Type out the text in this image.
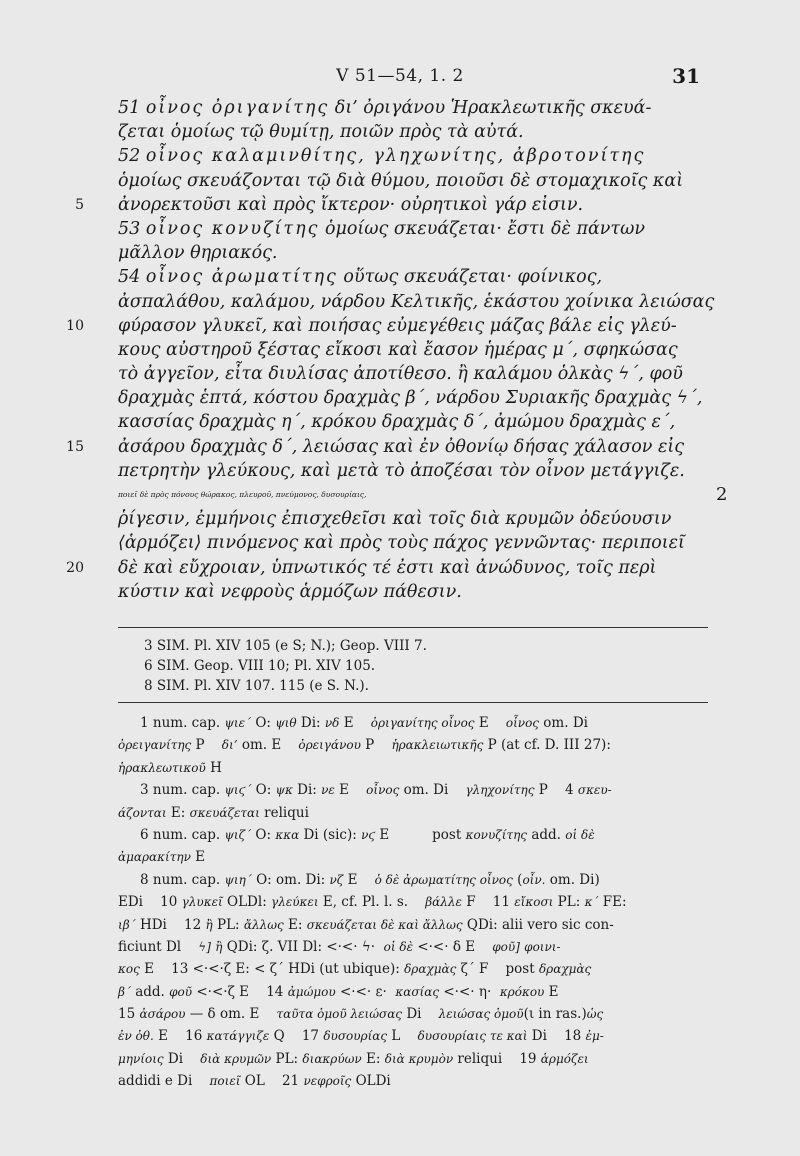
V 51—54, 1. 2	31
51 οἶνος ὀριγανίτης δι’ ὀριγάνου Ἡρακλεωτικῆς σκευά-
ζεται ὁμοίως τῷ θυμίτῃ, ποιῶν πρὸς τὰ αὐτά.
52 οἶνος καλαμινθίτης, γληχωνίτης, ἀβροτονίτης
ὁμοίως σκευάζονται τῷ διὰ θύμου, ποιοῦσι δὲ στομαχικοῖς καὶ
5 ἀνορεκτοῦσι καὶ πρὸς ἴκτερον· οὐρητικοὶ γάρ εἰσιν.
53 οἶνος κονυζίτης ὁμοίως σκευάζεται· ἔστι δὲ πάντων
μᾶλλον θηριακός.
54 οἶνος ἀρωματίτης οὕτως σκευάζεται· φοίνικος,
ἀσπαλάθου, καλάμου, νάρδου Κελτικῆς, ἑκάστου χοίνικα λειώσας
10 φύρασον γλυκεῖ, καὶ ποιήσας εὐμεγέθεις μάζας βάλε εἰς γλεύ-
κους αὐστηροῦ ξέστας εἴκοσι καὶ ἔασον ἡμέρας μ΄, σφηκώσας
τὸ ἀγγεῖον, εἶτα διυλίσας ἀποτίθεσο. ἢ καλάμου ὁλκὰς ϟ΄, φοῦ
δραχμὰς ἑπτά, κόστου δραχμὰς β΄, νάρδου Συριακῆς δραχμὰς ϟ΄,
κασσίας δραχμὰς η΄, κρόκου δραχμὰς δ΄, ἀμώμου δραχμὰς ε΄,
15 ἀσάρου δραχμὰς δ΄, λειώσας καὶ ἐν ὀθονίῳ δήσας χάλασον εἰς
πετρητὴν γλεύκους, καὶ μετὰ τὸ ἀποζέσαι τὸν οἶνον μετάγγιζε.
ποιεῖ δὲ πρὸς πόνους θώρακος, πλευροῦ, πνεύμονος, δυσουρίαις,	2
ῥίγεσιν, ἐμμήνοις ἐπισχεθεῖσι καὶ τοῖς διὰ κρυμῶν ὀδεύουσιν
⟨ἁρμόζει⟩ πινόμενος καὶ πρὸς τοὺς πάχος γεννῶντας· περιποιεῖ
20 δὲ καὶ εὔχροιαν, ὑπνωτικός τέ ἐστι καὶ ἀνώδυνος, τοῖς περὶ
κύστιν καὶ νεφροὺς ἁρμόζων πάθεσιν.
3 SIM. Pl. XIV 105 (e S; N.); Geop. VIII 7.
6 SIM. Geop. VIII 10; Pl. XIV 105.
8 SIM. Pl. XIV 107. 115 (e S. N.).
1 num. cap. ψιε΄ O: ψιθ Di: νδ E    ὀριγανίτης οἶνος E    οἶνος om. Di
ὀρειγανίτης P    δι’ om. E    ὀρειγάνου P    ἡρακλειωτικῆς P (at cf. D. III 27):
ἡρακλεωτικοῦ H
3 num. cap. ψιϛ΄ O: ψκ Di: νε E    οἶνος om. Di    γληχονίτης P    4 σκευ-
άζονται E: σκευάζεται reliqui
6 num. cap. ψιζ΄ O: κκα Di (sic): νϛ E          post κονυζίτης add. οἱ δὲ
ἀμαρακίτην E
8 num. cap. ψιη΄ O: om. Di: νζ E    ὁ δὲ ἀρωματίτης οἶνος (οἶν. om. Di)
EDi    10 γλυκεῖ OLDl: γλεύκει E, cf. Pl. l. s.    βάλλε F    11 εἴκοσι PL: κ΄ FE:
ιβ΄ HDi    12 ἢ PL: ἄλλως E: σκευάζεται δὲ καὶ ἄλλως QDi: alii vero sic con-
ficiunt Dl    ϟ] ἢ QDi: ζ. VII Dl: <·<· ϟ·  οἱ δὲ <·<· δ E    φοῦ] φοινι-
κος E    13 <·<·ζ E: < ζ΄ HDi (ut ubique): δραχμὰς ζ΄ F    post δραχμὰς
β΄ add. φοῦ <·<·ζ E    14 ἀμώμου <·<· ε·  κασίας <·<· η·  κρόκου E
15 ἀσάρου — δ om. E    ταῦτα ὁμοῦ λειώσας Di    λειώσας ὁμοῦ(ι in ras.)ὡς
ἐν ὀθ. E    16 κατάγγιζε Q    17 δυσουρίας L    δυσουρίαις τε καὶ Di    18 ἐμ-
μηνίοις Di    διὰ κρυμῶν PL: διακρύων E: διὰ κρυμὸν reliqui    19 ἁρμόζει
addidi e Di    ποιεῖ OL    21 νεφροῖς OLDi
